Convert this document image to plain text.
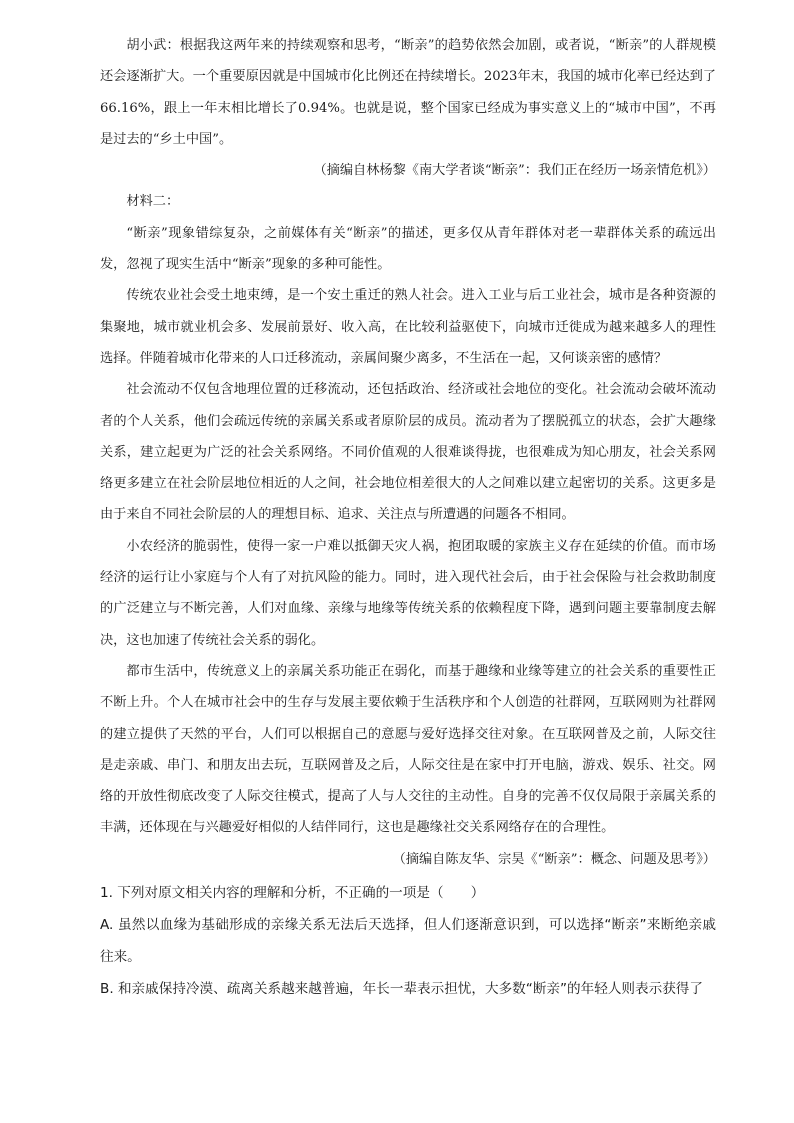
胡小武：根据我这两年来的持续观察和思考，“断亲”的趋势依然会加剧，或者说，“断亲”的人群规模还会逐渐扩大。一个重要原因就是中国城市化比例还在持续增长。2023年末，我国的城市化率已经达到了66.16%，跟上一年末相比增长了0.94%。也就是说，整个国家已经成为事实意义上的“城市中国”，不再是过去的“乡土中国”。

（摘编自林杨黎《南大学者谈“断亲”：我们正在经历一场亲情危机》）

材料二：

“断亲”现象错综复杂，之前媒体有关“断亲”的描述，更多仅从青年群体对老一辈群体关系的疏远出发，忽视了现实生活中“断亲”现象的多种可能性。

传统农业社会受土地束缚，是一个安土重迁的熟人社会。进入工业与后工业社会，城市是各种资源的集聚地，城市就业机会多、发展前景好、收入高，在比较利益驱使下，向城市迁徙成为越来越多人的理性选择。伴随着城市化带来的人口迁移流动，亲属间聚少离多，不生活在一起，又何谈亲密的感情？

社会流动不仅包含地理位置的迁移流动，还包括政治、经济或社会地位的变化。社会流动会破坏流动者的个人关系，他们会疏远传统的亲属关系或者原阶层的成员。流动者为了摆脱孤立的状态，会扩大趣缘关系，建立起更为广泛的社会关系网络。不同价值观的人很难谈得拢，也很难成为知心朋友，社会关系网络更多建立在社会阶层地位相近的人之间，社会地位相差很大的人之间难以建立起密切的关系。这更多是由于来自不同社会阶层的人的理想目标、追求、关注点与所遭遇的问题各不相同。

小农经济的脆弱性，使得一家一户难以抵御天灾人祸，抱团取暖的家族主义存在延续的价值。而市场经济的运行让小家庭与个人有了对抗风险的能力。同时，进入现代社会后，由于社会保险与社会救助制度的广泛建立与不断完善，人们对血缘、亲缘与地缘等传统关系的依赖程度下降，遇到问题主要靠制度去解决，这也加速了传统社会关系的弱化。

都市生活中，传统意义上的亲属关系功能正在弱化，而基于趣缘和业缘等建立的社会关系的重要性正不断上升。个人在城市社会中的生存与发展主要依赖于生活秩序和个人创造的社群网，互联网则为社群网的建立提供了天然的平台，人们可以根据自己的意愿与爱好选择交往对象。在互联网普及之前，人际交往是走亲戚、串门、和朋友出去玩，互联网普及之后，人际交往是在家中打开电脑，游戏、娱乐、社交。网络的开放性彻底改变了人际交往模式，提高了人与人交往的主动性。自身的完善不仅仅局限于亲属关系的丰满，还体现在与兴趣爱好相似的人结伴同行，这也是趣缘社交关系网络存在的合理性。

（摘编自陈友华、宗昊《“断亲”：概念、问题及思考》）

1. 下列对原文相关内容的理解和分析，不正确的一项是（　　）

A. 虽然以血缘为基础形成的亲缘关系无法后天选择，但人们逐渐意识到，可以选择“断亲”来断绝亲戚往来。

B. 和亲戚保持冷漠、疏离关系越来越普遍，年长一辈表示担忧，大多数“断亲”的年轻人则表示获得了
